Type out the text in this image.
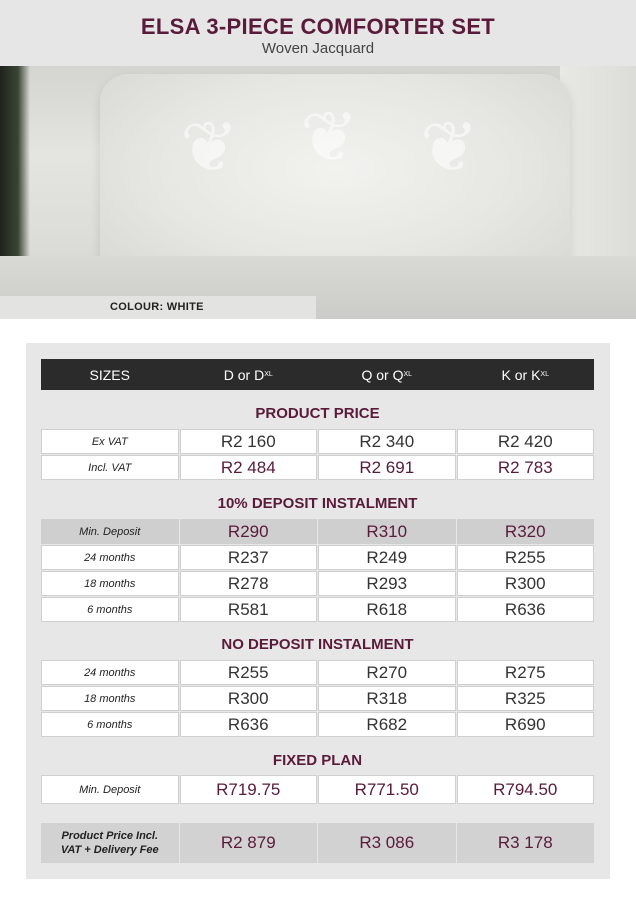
ELSA 3-PIECE COMFORTER SET
Woven Jacquard
❦ ❦ ❦
COLOUR: WHITE
SIZES	D or D XL	Q or Q XL	K or K XL
PRODUCT PRICE
Ex VAT	R2 160	R2 340	R2 420
Incl. VAT	R2 484	R2 691	R2 783
10% DEPOSIT INSTALMENT
Min. Deposit	R290	R310	R320
24 months	R237	R249	R255
18 months	R278	R293	R300
6 months	R581	R618	R636
NO DEPOSIT INSTALMENT
24 months	R255	R270	R275
18 months	R300	R318	R325
6 months	R636	R682	R690
FIXED PLAN
Min. Deposit	R719.75	R771.50	R794.50
Product Price Incl.
VAT + Delivery Fee	R2 879	R3 086	R3 178
